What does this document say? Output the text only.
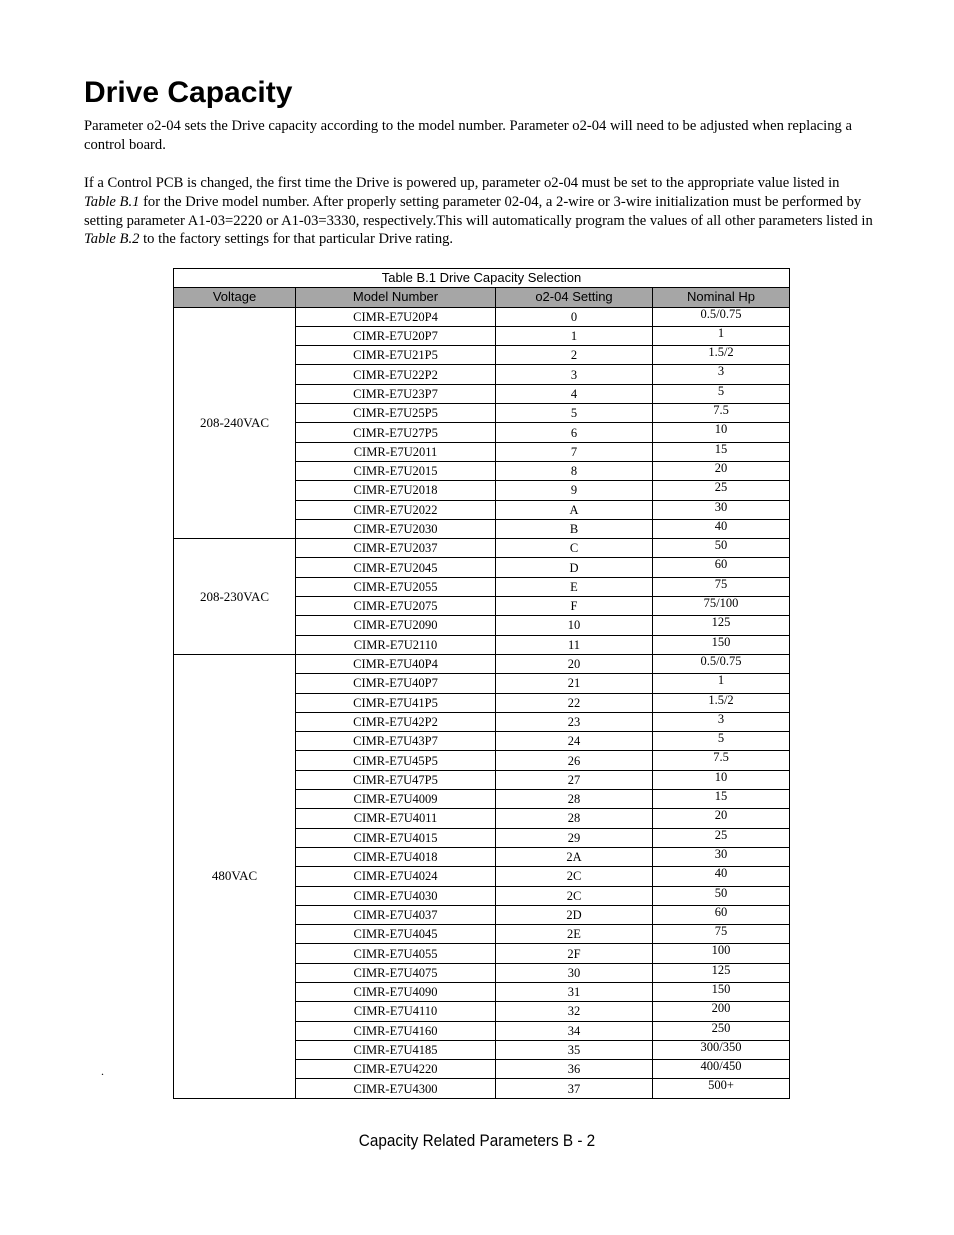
Drive Capacity

Parameter o2-04 sets the Drive capacity according to the model number. Parameter o2-04 will need to be adjusted when replacing a control board.

If a Control PCB is changed, the first time the Drive is powered up, parameter o2-04 must be set to the appropriate value listed in Table B.1 for the Drive model number. After properly setting parameter 02-04, a 2-wire or 3-wire initialization must be performed by setting parameter A1-03=2220 or A1-03=3330, respectively.This will automatically program the values of all other parameters listed in Table B.2 to the factory settings for that particular Drive rating.

Table B.1 Drive Capacity Selection			
Voltage	Model Number	o2-04 Setting	Nominal Hp
208-240VAC	CIMR-E7U20P4	0	0.5/0.75
	CIMR-E7U20P7	1	1
	CIMR-E7U21P5	2	1.5/2
	CIMR-E7U22P2	3	3
	CIMR-E7U23P7	4	5
	CIMR-E7U25P5	5	7.5
	CIMR-E7U27P5	6	10
	CIMR-E7U2011	7	15
	CIMR-E7U2015	8	20
	CIMR-E7U2018	9	25
	CIMR-E7U2022	A	30
	CIMR-E7U2030	B	40
208-230VAC	CIMR-E7U2037	C	50
	CIMR-E7U2045	D	60
	CIMR-E7U2055	E	75
	CIMR-E7U2075	F	75/100
	CIMR-E7U2090	10	125
	CIMR-E7U2110	11	150
480VAC	CIMR-E7U40P4	20	0.5/0.75
	CIMR-E7U40P7	21	1
	CIMR-E7U41P5	22	1.5/2
	CIMR-E7U42P2	23	3
	CIMR-E7U43P7	24	5
	CIMR-E7U45P5	26	7.5
	CIMR-E7U47P5	27	10
	CIMR-E7U4009	28	15
	CIMR-E7U4011	28	20
	CIMR-E7U4015	29	25
	CIMR-E7U4018	2A	30
	CIMR-E7U4024	2C	40
	CIMR-E7U4030	2C	50
	CIMR-E7U4037	2D	60
	CIMR-E7U4045	2E	75
	CIMR-E7U4055	2F	100
	CIMR-E7U4075	30	125
	CIMR-E7U4090	31	150
	CIMR-E7U4110	32	200
	CIMR-E7U4160	34	250
	CIMR-E7U4185	35	300/350
	CIMR-E7U4220	36	400/450
	CIMR-E7U4300	37	500+
.
Capacity Related Parameters B - 2
